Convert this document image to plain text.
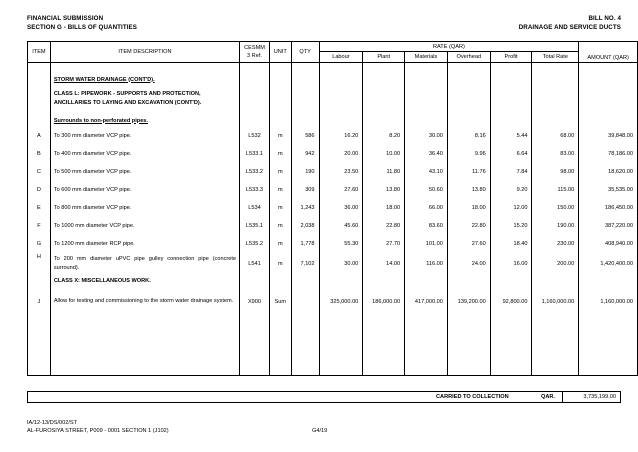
FINANCIAL SUBMISSION
SECTION G - BILLS OF QUANTITIES
BILL NO. 4
DRAINAGE AND SERVICE DUCTS
ITEM	ITEM DESCRIPTION	CESMM
3 Ref.	UNIT	QTY	RATE (QAR)						AMOUNT (QAR)
					Labour	Plant	Materials	Overhead	Profit	Total Rate	
	STORM WATER DRAINAGE (CONT'D).										
	CLASS L: PIPEWORK - SUPPORTS AND PROTECTION, ANCILLARIES TO LAYING AND EXCAVATION (CONT'D).										
	Surrounds to non-perforated pipes.										
A	To 300 mm diameter VCP pipe.	L532	m	586	16.20	8.20	30.00	8.16	5.44	68.00	39,848.00
B	To 400 mm diameter VCP pipe.	L533.1	m	942	20.00	10.00	36.40	9.96	6.64	83.00	78,186.00
C	To 500 mm diameter VCP pipe.	L533.2	m	190	23.50	11.80	43.10	11.76	7.84	98.00	18,620.00
D	To 600 mm diameter VCP pipe.	L533.3	m	309	27.60	13.80	50.60	13.80	9.20	115.00	35,535.00
E	To 800 mm diameter VCP pipe.	L534	m	1,243	36.00	18.00	66.00	18.00	12.00	150.00	186,450.00
F	To 1000 mm diameter VCP pipe.	L535.1	m	2,038	45.60	22.80	83.60	22.80	15.20	190.00	387,220.00
G	To 1200 mm diameter RCP pipe.	L535.2	m	1,778	55.30	27.70	101.00	27.60	18.40	230.00	408,940.00
H	To 200 mm diameter uPVC pipe gulley connection pipe (concrete surround).	L541	m	7,102	30.00	14.00	116.00	24.00	16.00	200.00	1,420,400.00
	CLASS X: MISCELLANEOUS WORK.										
J	Allow for testing and commissioning to the storm water drainage system.	X900	Sum		325,000.00	186,000.00	417,000.00	139,200.00	92,800.00	1,160,000.00	1,160,000.00

CARRIED TO COLLECTION	QAR.	3,735,199.00
IA/12-13/DS/002/ST
AL-FUROSIYA STREET, P009 - 0001 SECTION 1 (J102)	G4/19
